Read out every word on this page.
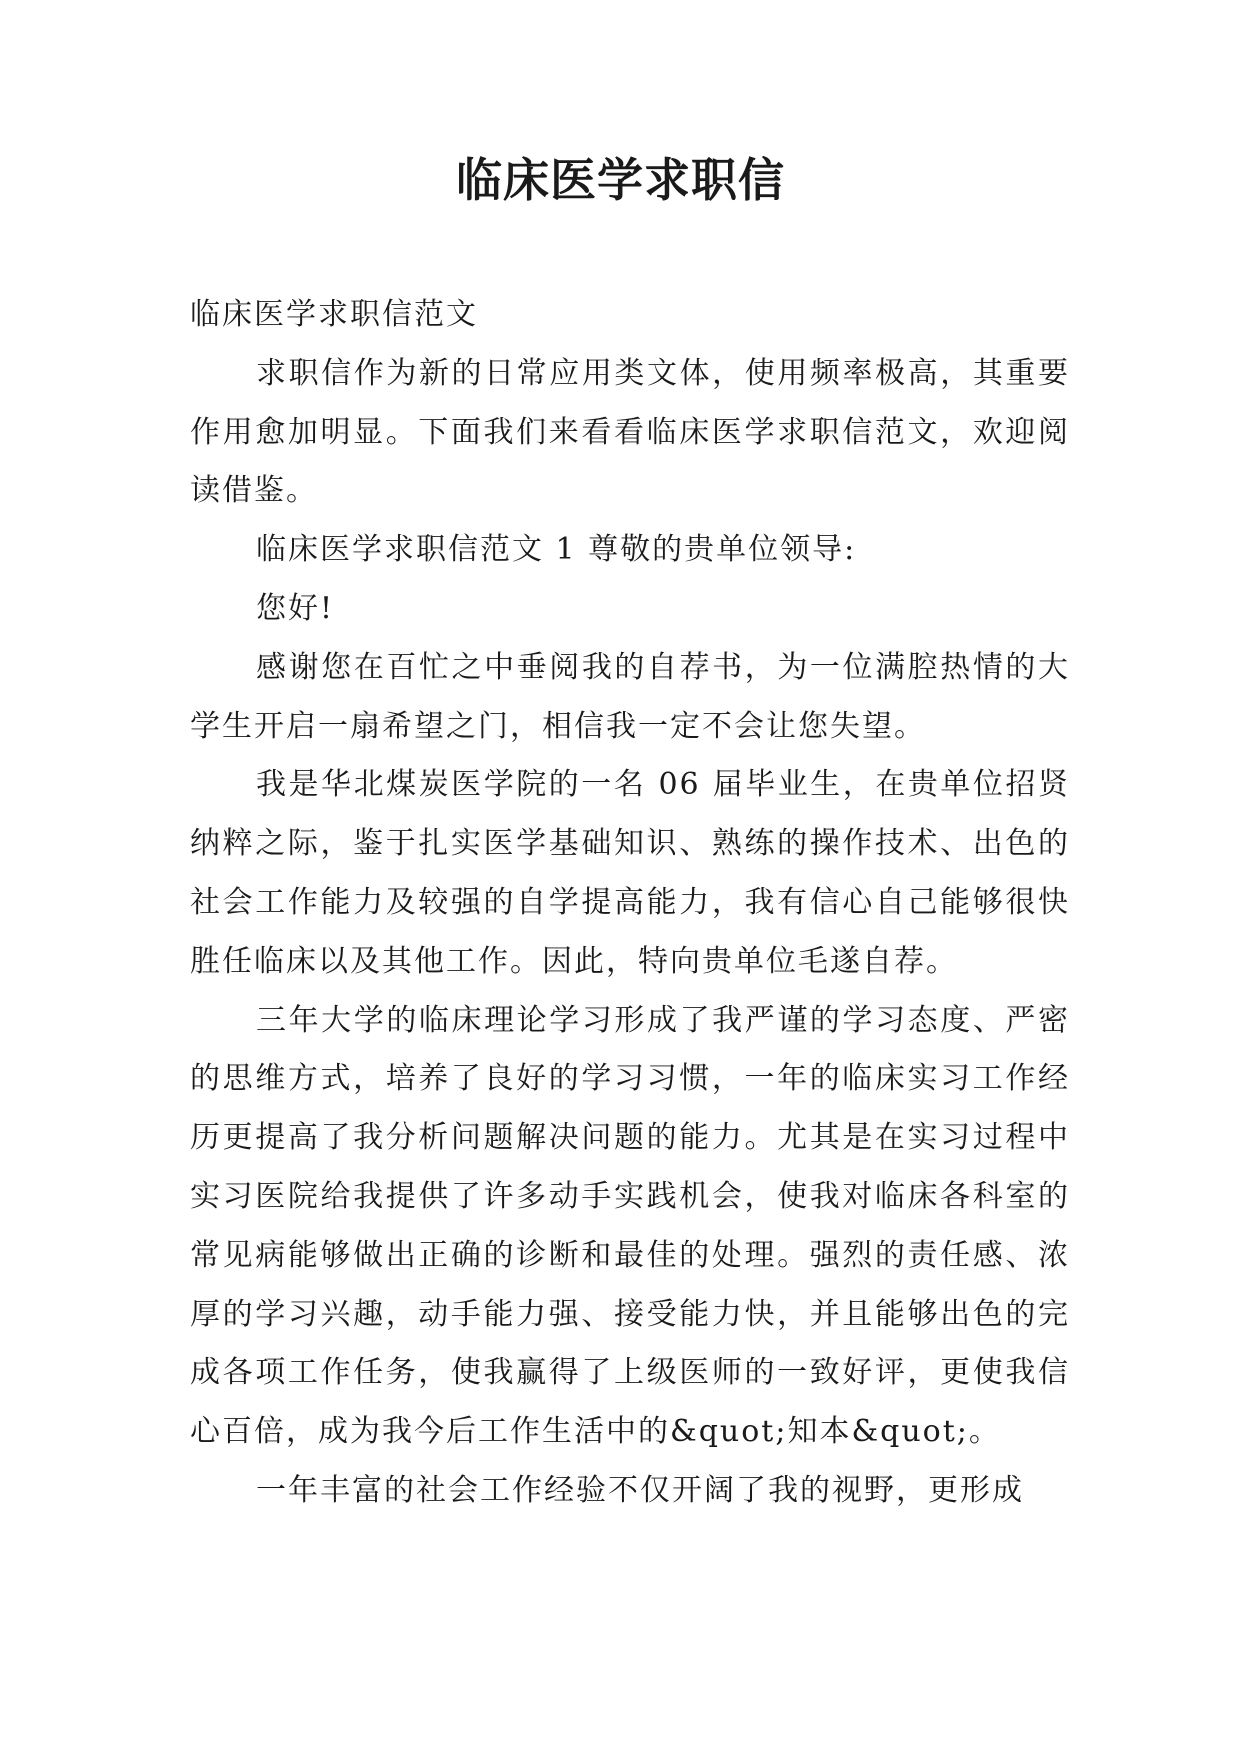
临床医学求职信

临床医学求职信范文

求职信作为新的日常应用类文体，使用频率极高，其重要作用愈加明显。下面我们来看看临床医学求职信范文，欢迎阅读借鉴。

临床医学求职信范文 1 尊敬的贵单位领导:

您好!

感谢您在百忙之中垂阅我的自荐书，为一位满腔热情的大学生开启一扇希望之门，相信我一定不会让您失望。

我是华北煤炭医学院的一名 06 届毕业生，在贵单位招贤纳粹之际，鉴于扎实医学基础知识、熟练的操作技术、出色的社会工作能力及较强的自学提高能力，我有信心自己能够很快胜任临床以及其他工作。因此，特向贵单位毛遂自荐。

三年大学的临床理论学习形成了我严谨的学习态度、严密的思维方式，培养了良好的学习习惯，一年的临床实习工作经历更提高了我分析问题解决问题的能力。尤其是在实习过程中实习医院给我提供了许多动手实践机会，使我对临床各科室的常见病能够做出正确的诊断和最佳的处理。强烈的责任感、浓厚的学习兴趣，动手能力强、接受能力快，并且能够出色的完成各项工作任务，使我赢得了上级医师的一致好评，更使我信心百倍，成为我今后工作生活中的&quot;知本&quot;。

一年丰富的社会工作经验不仅开阔了我的视野，更形成
